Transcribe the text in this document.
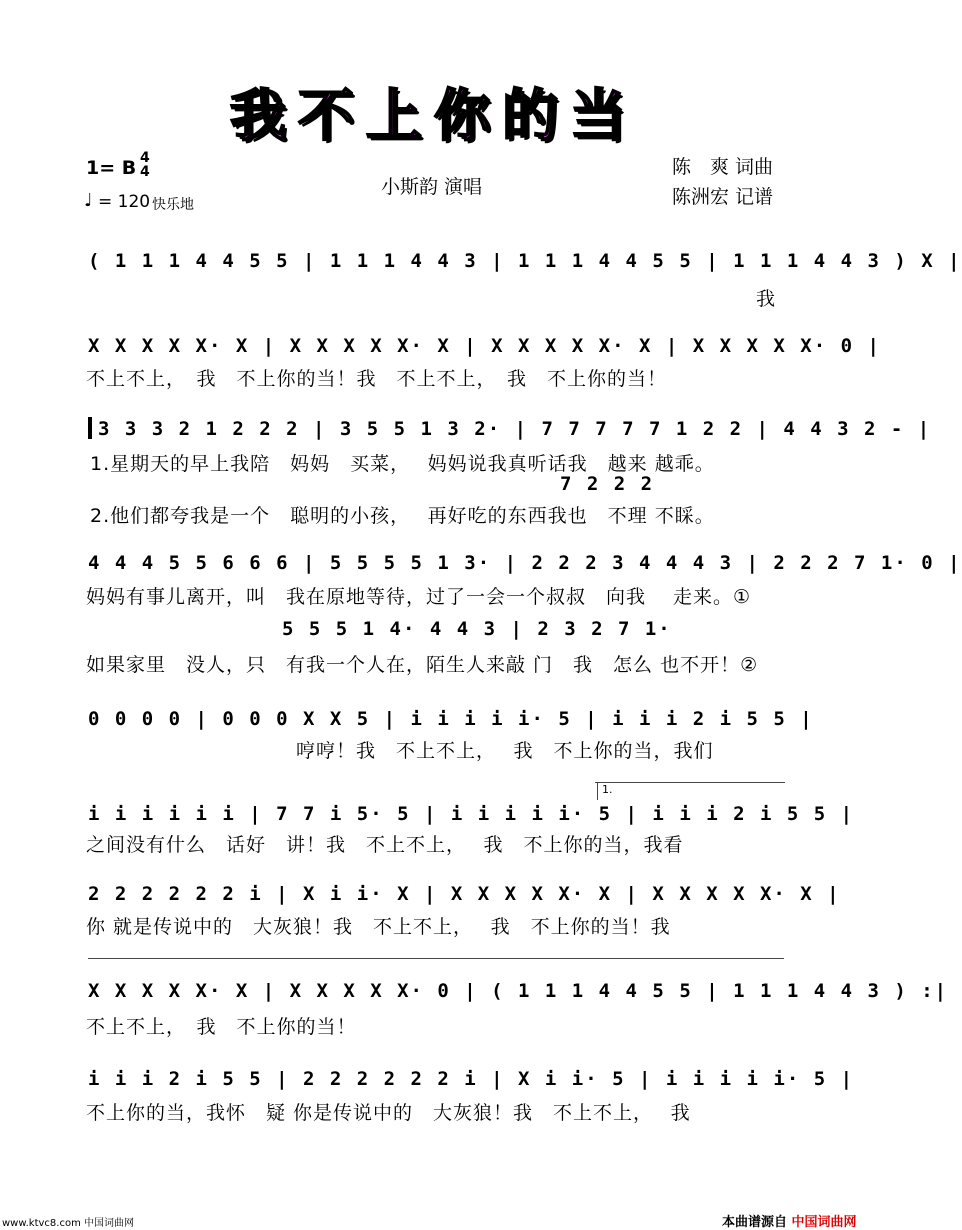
我不上你的当
1= B 4
4
♩ = 120 快乐地
小斯韵 演唱
陈　爽 词曲
陈洲宏 记谱
( 1 1 1 4 4 5 5 | 1 1 1 4 4 3 | 1 1 1 4 4 5 5 | 1 1 1 4 4 3 ) X |
我
X X X X X· X | X X X X X· X | X X X X X· X | X X X X X· 0 |
不上不上，　我　不上你的当！我　不上不上，　我　不上你的当！
3 3 3 2 1 2 2 2 | 3 5 5 1 3 2· | 7 7 7 7 7 1 2 2 | 4 4 3 2 - |
1.星期天的早上我陪　妈妈　买菜，　 妈妈说我真听话我　越来 越乖。
7 2 2 2
2.他们都夸我是一个　聪明的小孩，　 再好吃的东西我也　不理 不睬。
4 4 4 5 5 6 6 6 | 5 5 5 5 1 3· | 2 2 2 3 4 4 4 3 | 2 2 2 7 1· 0 |
妈妈有事儿离开，叫　我在原地等待，过了一会一个叔叔　向我　 走来。①
5 5 5 1 4· 4 4 3 | 2 3 2 7 1·
如果家里　没人，只　有我一个人在，陌生人来敲 门　我　怎么 也不开！②
0 0 0 0 | 0 0 0 X X 5 | i i i i i· 5 | i i i 2 i 5 5 |
哼哼！我　不上不上，　 我　不上你的当，我们
1.
i i i i i i | 7 7 i 5· 5 | i i i i i· 5 | i i i 2 i 5 5 |
之间没有什么　话好　讲！我　不上不上，　 我　不上你的当，我看
2 2 2 2 2 2 i | X i i· X | X X X X X· X | X X X X X· X |
你 就是传说中的　大灰狼！我　不上不上，　 我　不上你的当！我
X X X X X· X | X X X X X· 0 | ( 1 1 1 4 4 5 5 | 1 1 1 4 4 3 ) :|
不上不上，　我　不上你的当！
i i i 2 i 5 5 | 2 2 2 2 2 2 i | X i i· 5 | i i i i i· 5 |
不上你的当，我怀　疑 你是传说中的　大灰狼！我　不上不上，　 我
www.ktvc8.com 中国词曲网	本曲谱源自 中国词曲网
